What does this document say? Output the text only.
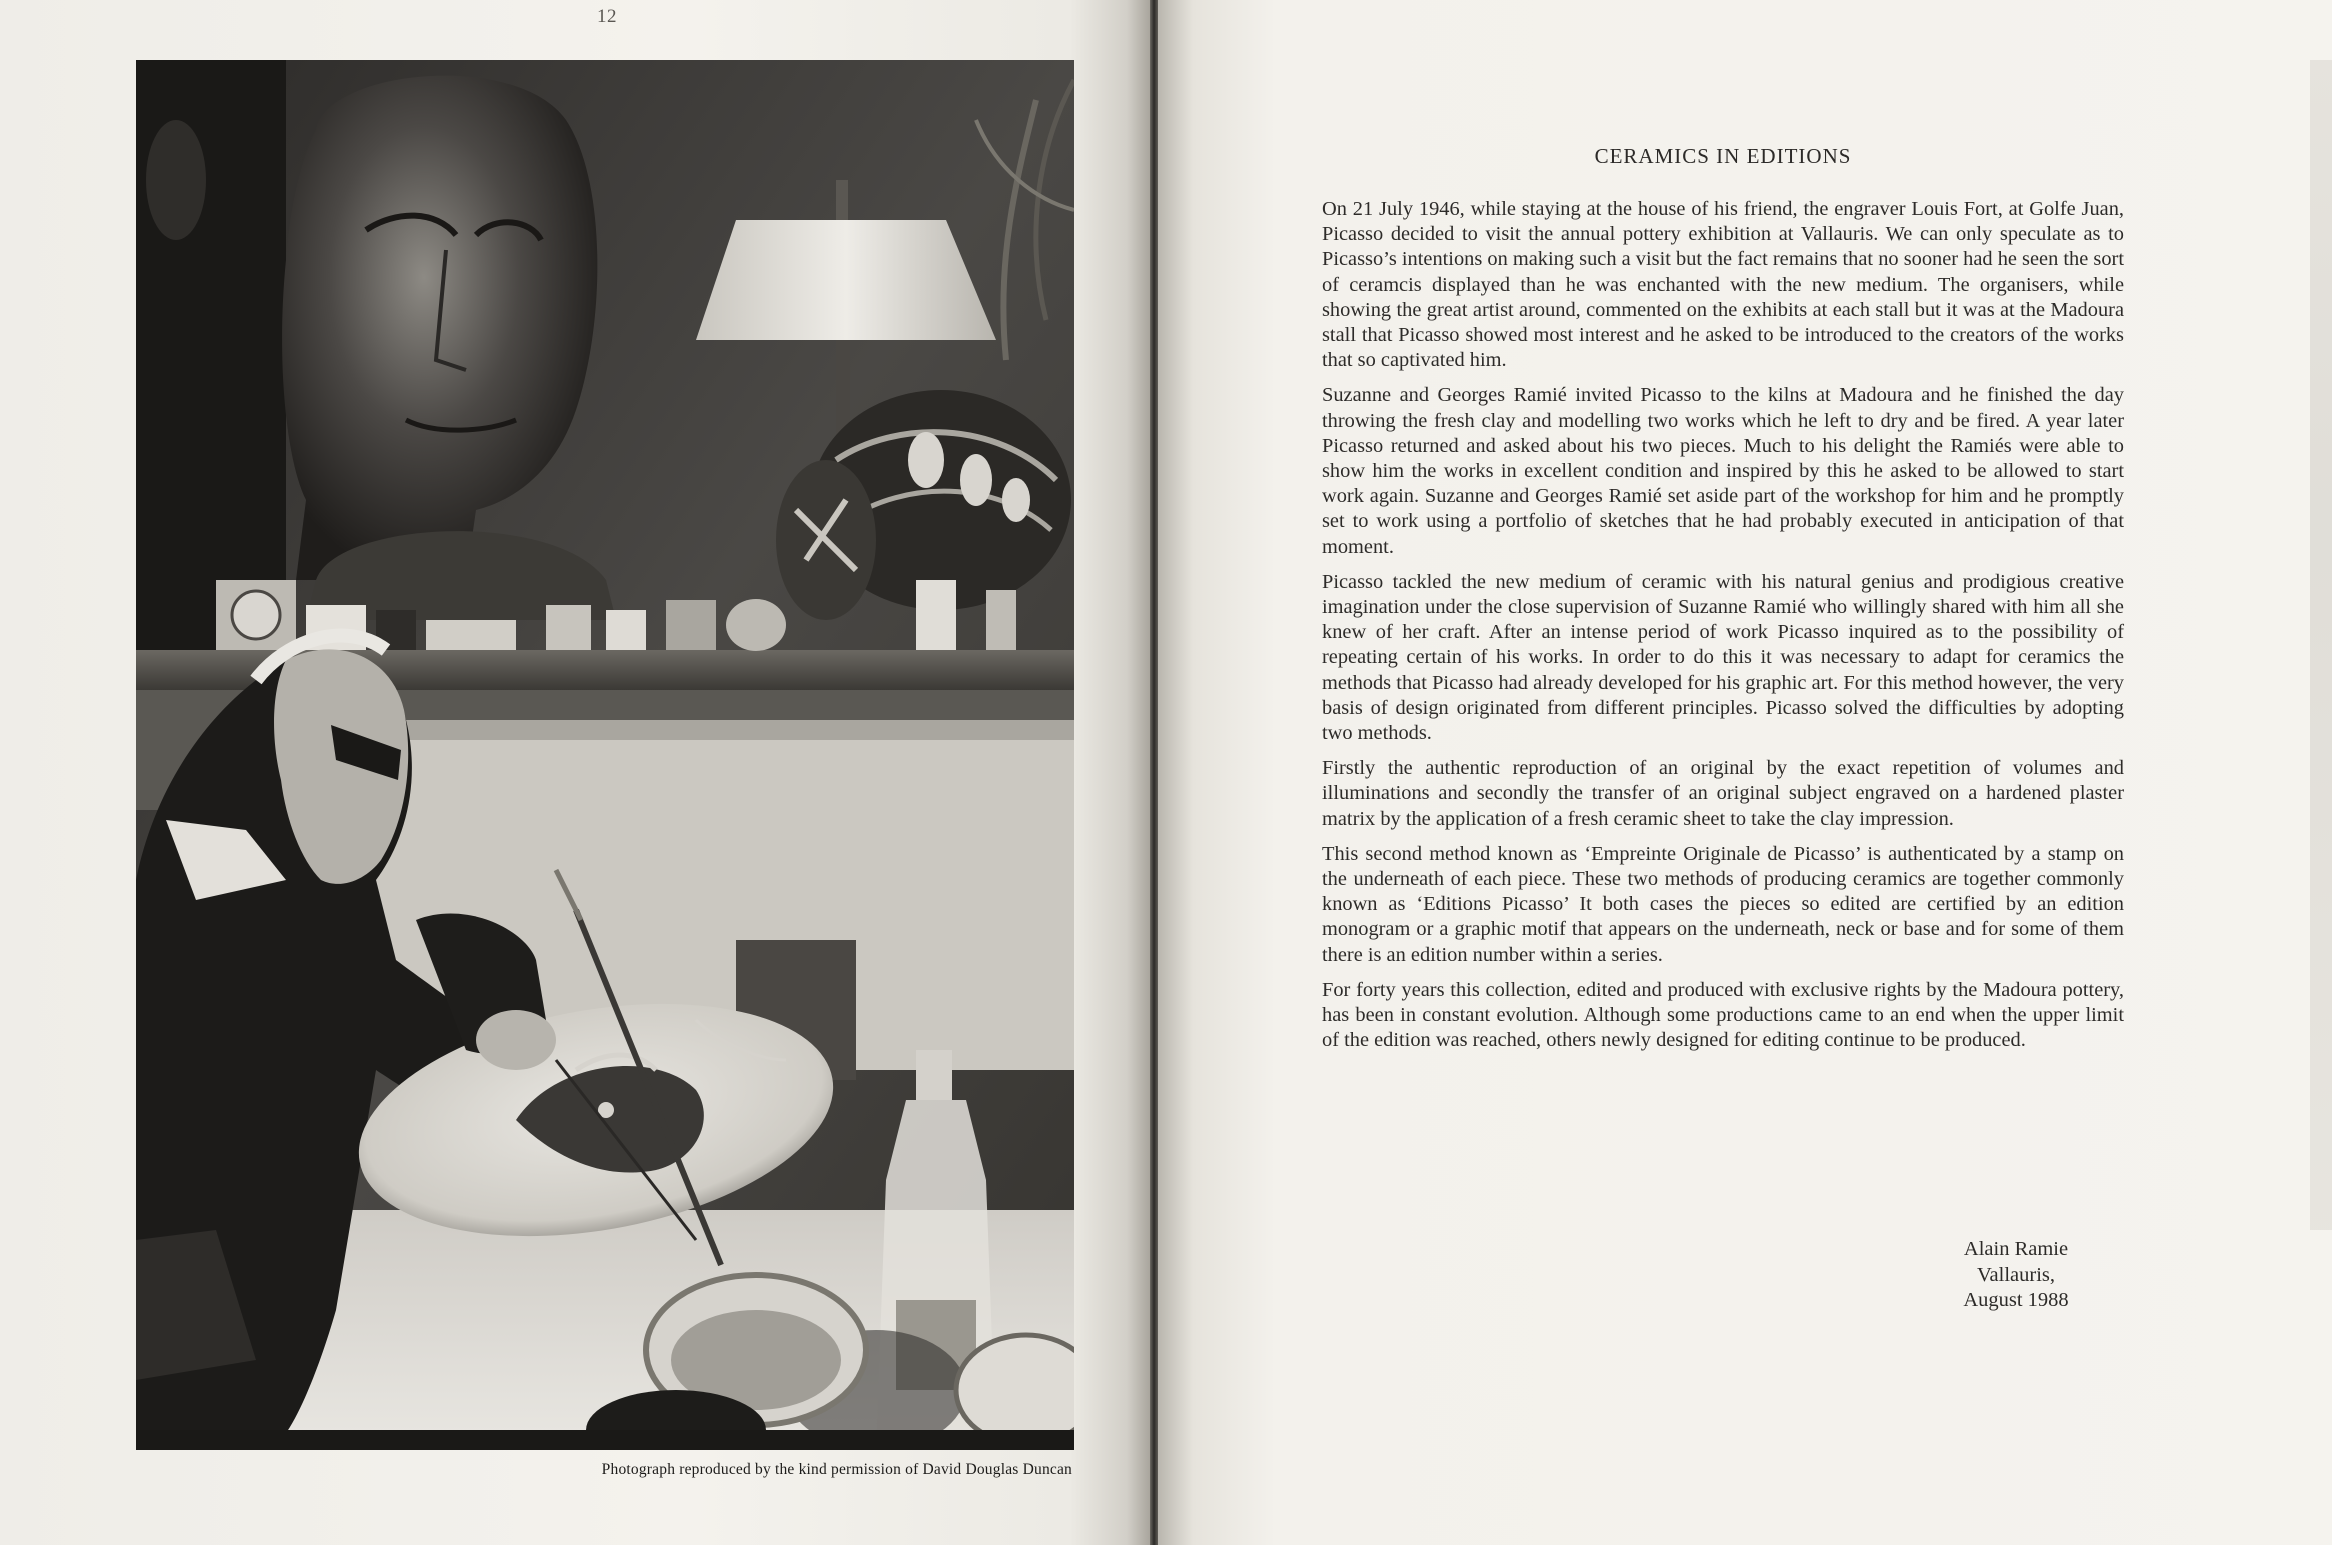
12
Photograph reproduced by the kind permission of David Douglas Duncan
CERAMICS IN EDITIONS

On 21 July 1946, while staying at the house of his friend, the engraver Louis Fort, at Golfe Juan, Picasso decided to visit the annual pottery exhibition at Vallauris. We can only speculate as to Picasso’s intentions on making such a visit but the fact remains that no sooner had he seen the sort of ceramcis displayed than he was enchanted with the new medium. The organisers, while showing the great artist around, commented on the exhibits at each stall but it was at the Madoura stall that Picasso showed most interest and he asked to be introduced to the creators of the works that so captivated him.

Suzanne and Georges Ramié invited Picasso to the kilns at Madoura and he finished the day throwing the fresh clay and modelling two works which he left to dry and be fired. A year later Picasso returned and asked about his two pieces. Much to his delight the Ramiés were able to show him the works in excellent condition and inspired by this he asked to be allowed to start work again. Suzanne and Georges Ramié set aside part of the workshop for him and he promptly set to work using a portfolio of sketches that he had probably executed in anticipation of that moment.

Picasso tackled the new medium of ceramic with his natural genius and prodigious creative imagination under the close supervision of Suzanne Ramié who willingly shared with him all she knew of her craft. After an intense period of work Picasso inquired as to the possibility of repeating certain of his works. In order to do this it was necessary to adapt for ceramics the methods that Picasso had already developed for his graphic art. For this method however, the very basis of design originated from different principles. Picasso solved the difficulties by adopting two methods.

Firstly the authentic reproduction of an original by the exact repetition of volumes and illuminations and secondly the transfer of an original subject engraved on a hardened plaster matrix by the application of a fresh ceramic sheet to take the clay impression.

This second method known as ‘Empreinte Originale de Picasso’ is authenticated by a stamp on the underneath of each piece. These two methods of producing ceramics are together commonly known as ‘Editions Picasso’ It both cases the pieces so edited are certified by an edition monogram or a graphic motif that appears on the underneath, neck or base and for some of them there is an edition number within a series.

For forty years this collection, edited and produced with exclusive rights by the Madoura pottery, has been in constant evolution. Although some productions came to an end when the upper limit of the edition was reached, others newly designed for editing continue to be produced.

Alain Ramie
Vallauris,
August 1988
